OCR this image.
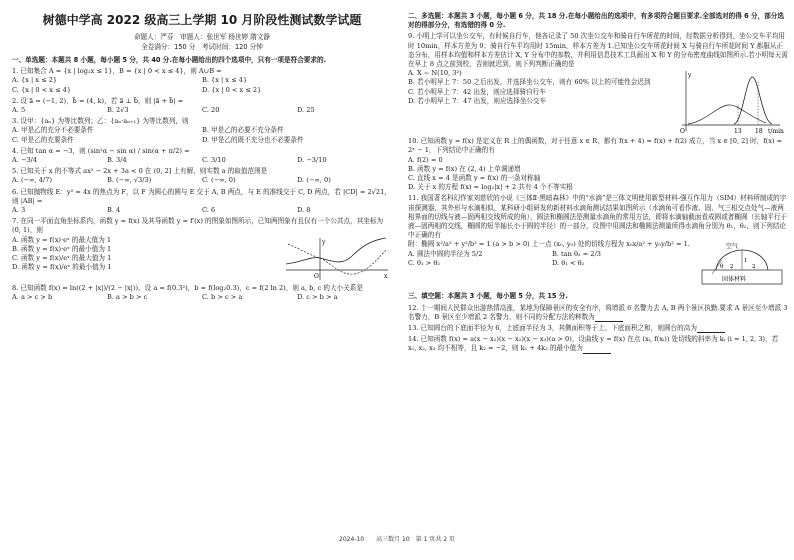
树德中学高 2022 级高三上学期 10 月阶段性测试数学试题
命题人：严芬　审题人：张世军 杨世婷 隋文静
全卷满分：150 分　考试时间：120 分钟
一、单选题：本题共 8 小题，每小题 5 分，共 40 分.在每小题给出的四个选项中，只有一项是符合要求的.
1. 已知集合 A = {x | log₂x ≤ 1}，B = {x | 0 < x ≤ 4}，则 A∪B =
A. {x | x ≤ 2}	B. {x | x ≤ 4}
C. {x | 0 < x ≤ 4}	D. {x | 0 < x ≤ 2}
2. 设 a⃗ = (−1, 2)，b⃗ = (4, k)，若 a⃗ ⊥ b⃗，则 |a⃗ + b⃗| =
A. 5	B. 2√3	C. 20	D. 25
3. 设甲：{aₙ} 为等比数列；乙：{aₙ·aₙ₊₁} 为等比数列，则
A. 甲是乙的充分不必要条件	B. 甲是乙的必要不充分条件
C. 甲是乙的充要条件	D. 甲是乙的既不充分也不必要条件
4. 已知 tan α = −3，则 (sin²α − sin α) / sin(α + π/2) =
A. −3/4	B. 3/4	C. 3/10	D. −3/10
5. 已知关于 x 的不等式 ax² − 2x + 3a < 0 在 (0, 2] 上有解，则实数 a 的取值范围是
A. (−∞, 4/7)	B. (−∞, √3/3)	C. (−∞, 0)	D. (−∞, 0)
6. 已知抛物线 E：y² = 4x 的焦点为 F，以 F 为圆心的圆与 E 交于 A, B 两点，与 E 的准线交于 C, D 两点，若 |CD| = 2√21，则 |AB| =
A. 3	B. 4	C. 6	D. 8
7. 在同一平面直角坐标系内，函数 y = f(x) 及其导函数 y = f′(x) 的图象如图所示，已知两图象有且仅有一个公共点，其坐标为 (0, 1)，则
A. 函数 y = f(x)·eˣ 的最大值为 1
B. 函数 y = f(x)·eˣ 的最小值为 1
C. 函数 y = f(x)/eˣ 的最大值为 1
D. 函数 y = f(x)/eˣ 的最小值为 1
y
x
O
8. 已知函数 f(x) = ln((2 + |x|)/(2 − |x|))，设 a = f(0.3²)，b = f(log₂0.3)，c = f(2 ln 2)，则 a, b, c 的大小关系是
A. a > c > b	B. a > b > c	C. b > c > a	D. c > b > a
二、多选题：本题共 3 小题，每小题 6 分，共 18 分.在每小题给出的选项中，有多项符合题目要求.全部选对的得 6 分，部分选对的得部分分，有选错的得 0 分.
9. 小明上学可以坐公交车，有时候自行车，他各记录了 50 次坐公交车和骑自行车所花的时间，经数据分析得到，坐公交车平均用时 10min，样本方差为 9；骑自行车平均用时 15min，样本方差为 1.已知坐公交车所花时间 X 与骑自行车所花时间 Y 都服从正态分布，用样本均值和样本方差估计 X, Y 分布中的参数，并利用信息技术工具画出 X 和 Y 的分布密度曲线如图所示.若小明每天需在早上 8 点之前到校，否则就迟到，则下列判断正确的是
A. X ~ N(10, 3²)
B. 若小明早上 7：50 之后出发，并选择坐公交车，则有 60% 以上的可能性会迟到
C. 若小明早上 7：42 出发，则应选择骑自行车
D. 若小明早上 7：47 出发，则应选择坐公交车
y
O	13 18 t/min
10. 已知函数 y = f(x) 是定义在 R 上的偶函数，对于任意 x ∈ R，都有 f(x + 4) = f(x) + f(2) 成立，当 x ∈ [0, 2] 时，f(x) = 2ˣ − 1，下列结论中正确的有
A. f(2) = 0
B. 函数 y = f(x) 在 (2, 4) 上单调递增
C. 直线 x = 4 是函数 y = f(x) 的一条对称轴
D. 关于 x 的方程 f(x) = log₂|x| + 2 共有 4 个不等实根
11. 我国著名科幻作家刘慈欣的小说《三体Ⅱ·黑暗森林》中的“水滴”是三体文明使用新型材料-强互作用力（SIM）材料所制成的宇宙探测器，其外形与水滴相似，某科研小组研发的新材料水滴角测试结果如图所示（水滴角可看作液、固、气三相交点处气—液两相界面的切线与液—固两相交线所成的角），圆法和椭圆法是测量水滴角的常用方法，即将水滴轴截面看成圆或者椭圆（长轴平行于液—固两相的交线，椭圆的短半轴长小于圆的半径）的一部分，设图中用圆法和椭圆法测量所得水滴角分别为 θ₁，θ₂，则下列结论中正确的有
附：椭圆 x²/a² + y²/b² = 1 (a > b > 0) 上一点 (x₀, y₀) 处的切线方程为 x₀x/a² + y₀y/b² = 1.
A. 圆法中圆的半径为 5/2	B. tan θ₂ = 2/3
C. θ₁ > θ₂	D. θ₁ < θ₂
空气
θ 2	2
1
固体材料
三、填空题：本题共 3 小题，每小题 5 分，共 15 分.
12. 十一期间人民群众出游热情高涨，某地为保障景区的安全有序，将增派 6 名警力去 A, B 两个景区执勤.要求 A 景区至少增派 3 名警力，B 景区至少增派 2 名警力，则不同的分配方法的种数为
13. 已知圆台的下底面半径为 6，上底面半径为 3，其侧面积等于上、下底面积之和，则圆台的高为
14. 已知函数 f(x) = a(x − x₁)(x − x₂)(x − x₃)(a > 0)，设曲线 y = f(x) 在点 (xᵢ, f(xᵢ)) 处切线的斜率为 kᵢ (i = 1, 2, 3)，若 x₁, x₂, x₃ 均不相等，且 k₂ = −2，则 k₁ + 4k₃ 的最小值为
2024-10　　高三数月 10　第 1 页共 2 页
